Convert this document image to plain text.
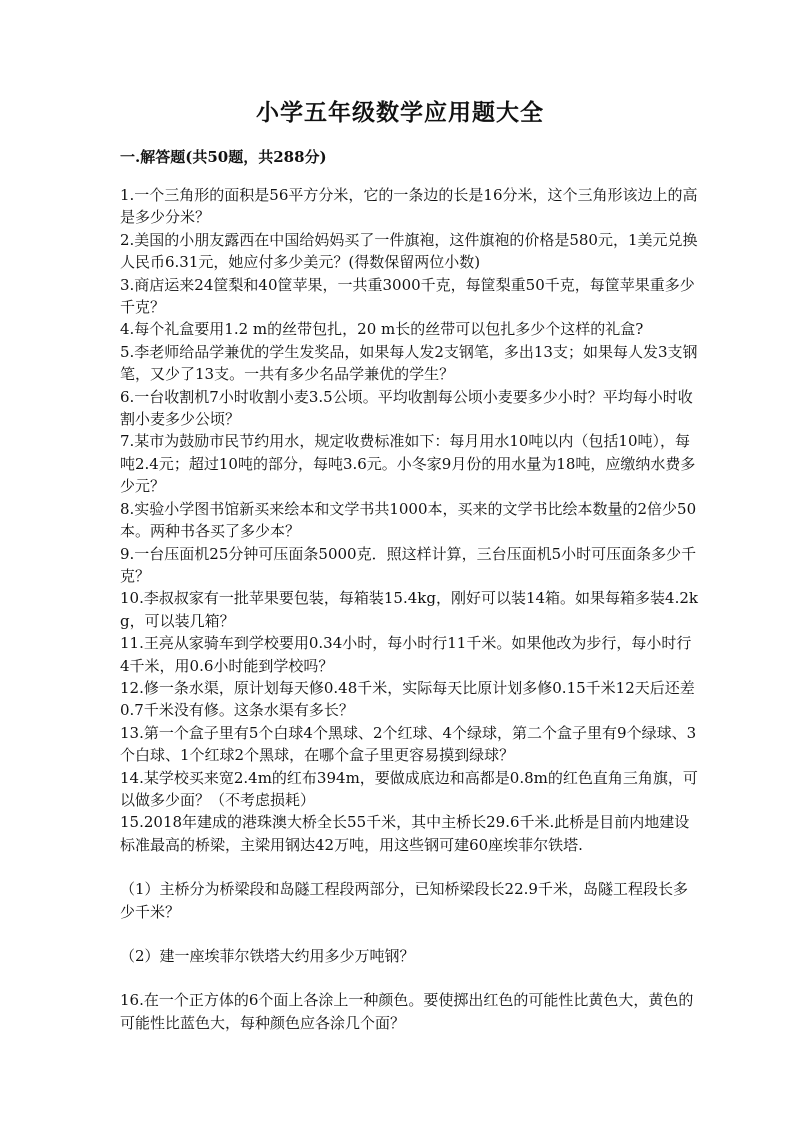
小学五年级数学应用题大全
一.解答题(共50题，共288分)

1.一个三角形的面积是56平方分米，它的一条边的长是16分米，这个三角形该边上的高是多少分米？

2.美国的小朋友露西在中国给妈妈买了一件旗袍，这件旗袍的价格是580元，1美元兑换人民币6.31元，她应付多少美元？(得数保留两位小数)

3.商店运来24筐梨和40筐苹果，一共重3000千克，每筐梨重50千克，每筐苹果重多少千克？

4.每个礼盒要用1.2 m的丝带包扎，20 m长的丝带可以包扎多少个这样的礼盒?

5.李老师给品学兼优的学生发奖品，如果每人发2支钢笔，多出13支；如果每人发3支钢笔，又少了13支。一共有多少名品学兼优的学生？

6.一台收割机7小时收割小麦3.5公顷。平均收割每公顷小麦要多少小时？平均每小时收割小麦多少公顷？

7.某市为鼓励市民节约用水，规定收费标准如下：每月用水10吨以内（包括10吨），每吨2.4元；超过10吨的部分，每吨3.6元。小冬家9月份的用水量为18吨，应缴纳水费多少元？

8.实验小学图书馆新买来绘本和文学书共1000本，买来的文学书比绘本数量的2倍少50本。两种书各买了多少本？

9.一台压面机25分钟可压面条5000克．照这样计算，三台压面机5小时可压面条多少千克？

10.李叔叔家有一批苹果要包装，每箱装15.4kg，刚好可以装14箱。如果每箱多装4.2kg，可以装几箱？

11.王亮从家骑车到学校要用0.34小时，每小时行11千米。如果他改为步行，每小时行4千米，用0.6小时能到学校吗？

12.修一条水渠，原计划每天修0.48千米，实际每天比原计划多修0.15千米12天后还差0.7千米没有修。这条水渠有多长？

13.第一个盒子里有5个白球4个黑球、2个红球、4个绿球，第二个盒子里有9个绿球、3个白球、1个红球2个黑球，在哪个盒子里更容易摸到绿球？

14.某学校买来宽2.4m的红布394m，要做成底边和高都是0.8m的红色直角三角旗，可以做多少面？（不考虑损耗）

15.2018年建成的港珠澳大桥全长55千米，其中主桥长29.6千米.此桥是目前内地建设标准最高的桥梁，主梁用钢达42万吨，用这些钢可建60座埃菲尔铁塔.

（1）主桥分为桥梁段和岛隧工程段两部分，已知桥梁段长22.9千米，岛隧工程段长多少千米？

（2）建一座埃菲尔铁塔大约用多少万吨钢？

16.在一个正方体的6个面上各涂上一种颜色。要使掷出红色的可能性比黄色大，黄色的可能性比蓝色大，每种颜色应各涂几个面？
